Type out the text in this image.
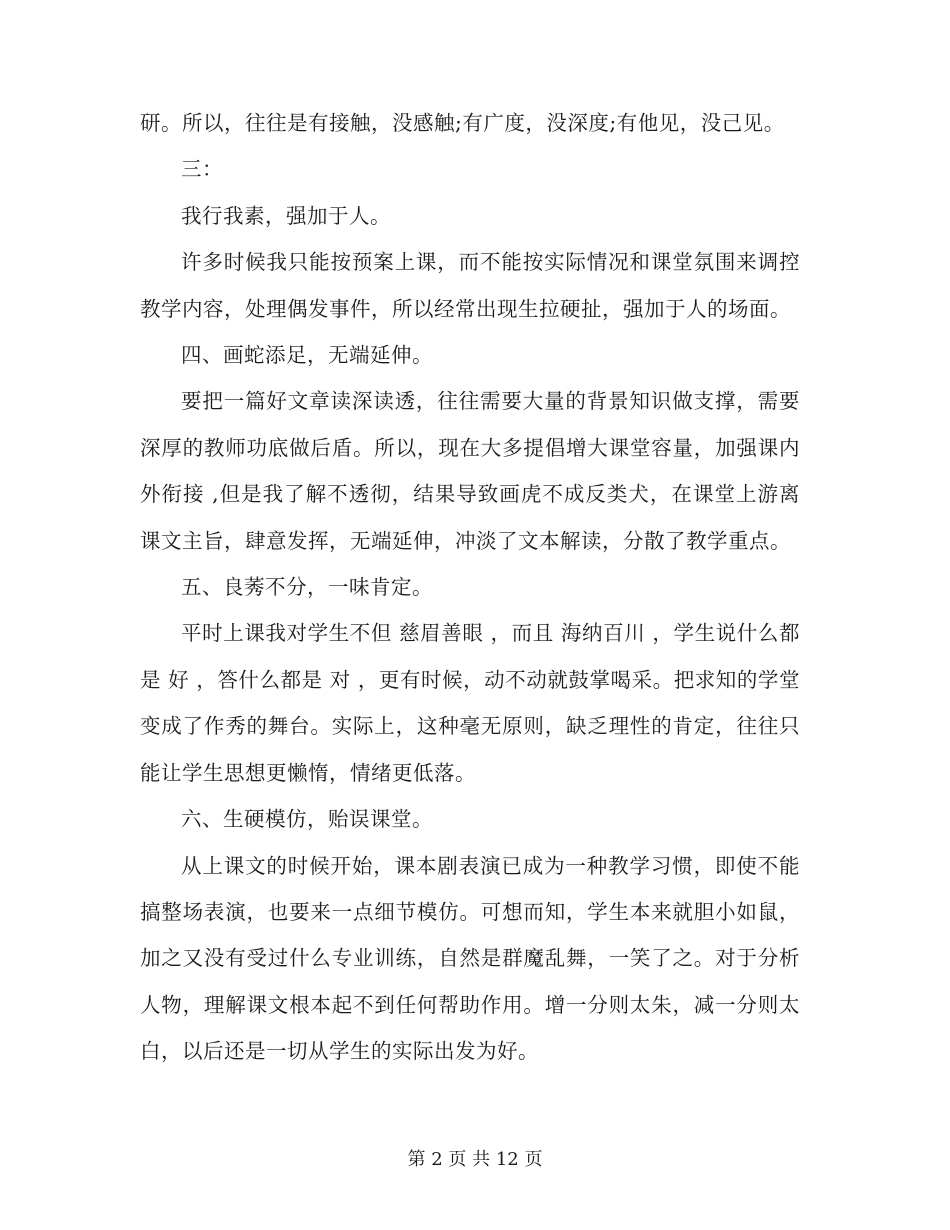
研。所以，往往是有接触，没感触;有广度，没深度;有他见，没己见。

三：

我行我素，强加于人。

许多时候我只能按预案上课，而不能按实际情况和课堂氛围来调控教学内容，处理偶发事件，所以经常出现生拉硬扯，强加于人的场面。

四、画蛇添足，无端延伸。

要把一篇好文章读深读透，往往需要大量的背景知识做支撑，需要深厚的教师功底做后盾。所以，现在大多提倡增大课堂容量，加强课内外衔接 ,但是我了解不透彻，结果导致画虎不成反类犬，在课堂上游离课文主旨，肆意发挥，无端延伸，冲淡了文本解读，分散了教学重点。

五、良莠不分，一味肯定。

平时上课我对学生不但 慈眉善眼 ，而且 海纳百川 ，学生说什么都是 好 ，答什么都是 对 ，更有时候，动不动就鼓掌喝采。把求知的学堂变成了作秀的舞台。实际上，这种毫无原则，缺乏理性的肯定，往往只能让学生思想更懒惰，情绪更低落。

六、生硬模仿，贻误课堂。

从上课文的时候开始，课本剧表演已成为一种教学习惯，即使不能搞整场表演，也要来一点细节模仿。可想而知，学生本来就胆小如鼠，加之又没有受过什么专业训练，自然是群魔乱舞，一笑了之。对于分析人物，理解课文根本起不到任何帮助作用。增一分则太朱，减一分则太白，以后还是一切从学生的实际出发为好。

第 2 页 共 12 页
